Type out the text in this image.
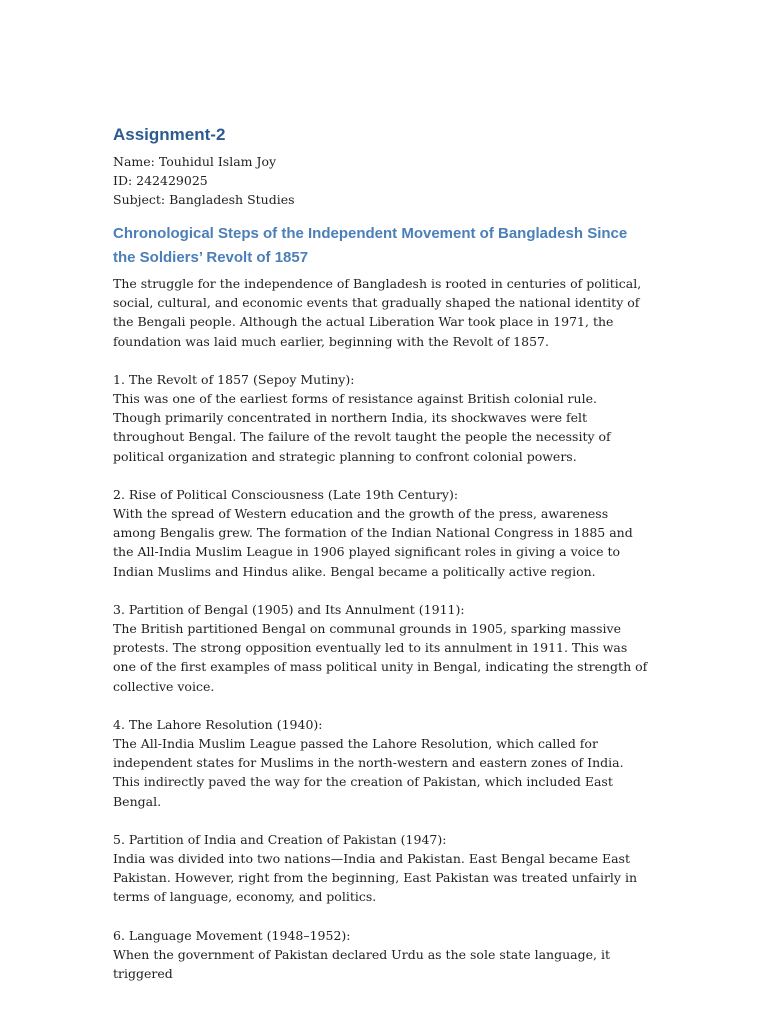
Assignment-2

Name: Touhidul Islam Joy

ID: 242429025

Subject: Bangladesh Studies

Chronological Steps of the Independent Movement of Bangladesh Since the Soldiers’ Revolt of 1857

The struggle for the independence of Bangladesh is rooted in centuries of political, social, cultural, and economic events that gradually shaped the national identity of the Bengali people. Although the actual Liberation War took place in 1971, the foundation was laid much earlier, beginning with the Revolt of 1857.

1. The Revolt of 1857 (Sepoy Mutiny):
This was one of the earliest forms of resistance against British colonial rule. Though primarily concentrated in northern India, its shockwaves were felt throughout Bengal. The failure of the revolt taught the people the necessity of political organization and strategic planning to confront colonial powers.
2. Rise of Political Consciousness (Late 19th Century):
With the spread of Western education and the growth of the press, awareness among Bengalis grew. The formation of the Indian National Congress in 1885 and the All-India Muslim League in 1906 played significant roles in giving a voice to Indian Muslims and Hindus alike. Bengal became a politically active region.
3. Partition of Bengal (1905) and Its Annulment (1911):
The British partitioned Bengal on communal grounds in 1905, sparking massive protests. The strong opposition eventually led to its annulment in 1911. This was one of the first examples of mass political unity in Bengal, indicating the strength of collective voice.
4. The Lahore Resolution (1940):
The All-India Muslim League passed the Lahore Resolution, which called for independent states for Muslims in the north-western and eastern zones of India. This indirectly paved the way for the creation of Pakistan, which included East Bengal.
5. Partition of India and Creation of Pakistan (1947):
India was divided into two nations—India and Pakistan. East Bengal became East Pakistan. However, right from the beginning, East Pakistan was treated unfairly in terms of language, economy, and politics.
6. Language Movement (1948–1952):
When the government of Pakistan declared Urdu as the sole state language, it triggered
